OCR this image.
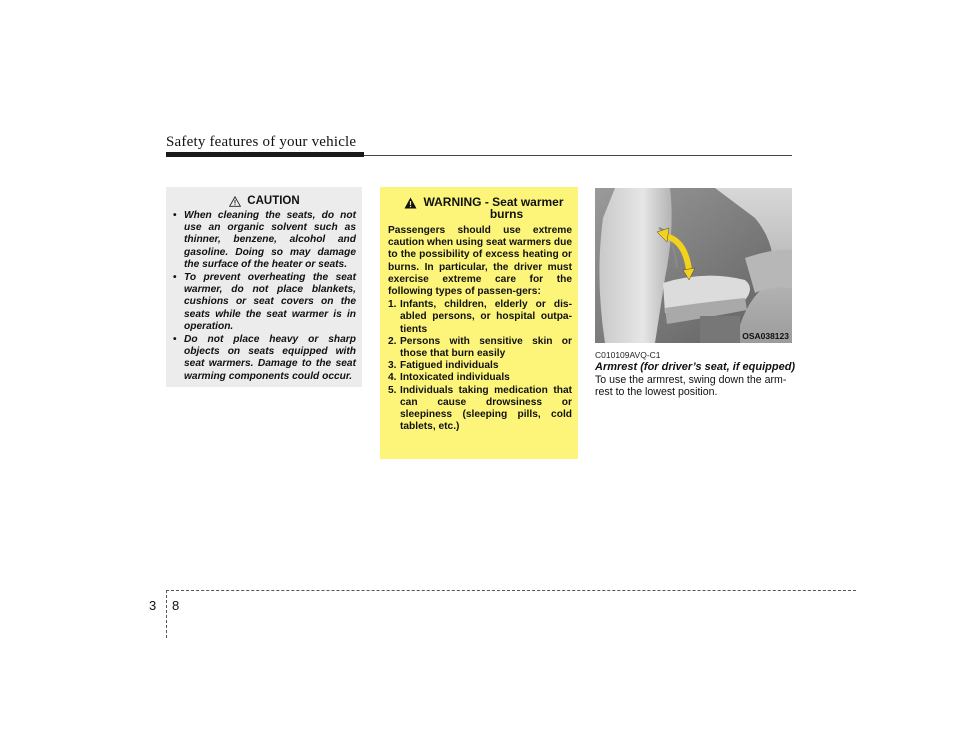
Safety features of your vehicle
CAUTION
• When cleaning the seats, do not use an organic solvent such as thinner, benzene, alcohol and gasoline. Doing so may damage the surface of the heater or seats.
• To prevent overheating the seat warmer, do not place blankets, cushions or seat covers on the seats while the seat warmer is in operation.
• Do not place heavy or sharp objects on seats equipped with seat warmers. Damage to the seat warming components could occur.
WARNING - Seat warmer
burns

Passengers should use extreme caution when using seat warmers due to the possibility of excess heating or burns. In particular, the driver must exercise extreme care for the following types of passen-gers:

1. Infants, children, elderly or dis-abled persons, or hospital outpa-tients
2. Persons with sensitive skin or those that burn easily
3. Fatigued individuals
4. Intoxicated individuals
5. Individuals taking medication that can cause drowsiness or sleepiness (sleeping pills, cold tablets, etc.)
OSA038123
C010109AVQ-C1
Armrest (for driver’s seat, if equipped)
To use the armrest, swing down the arm-rest to the lowest position.
3 8
